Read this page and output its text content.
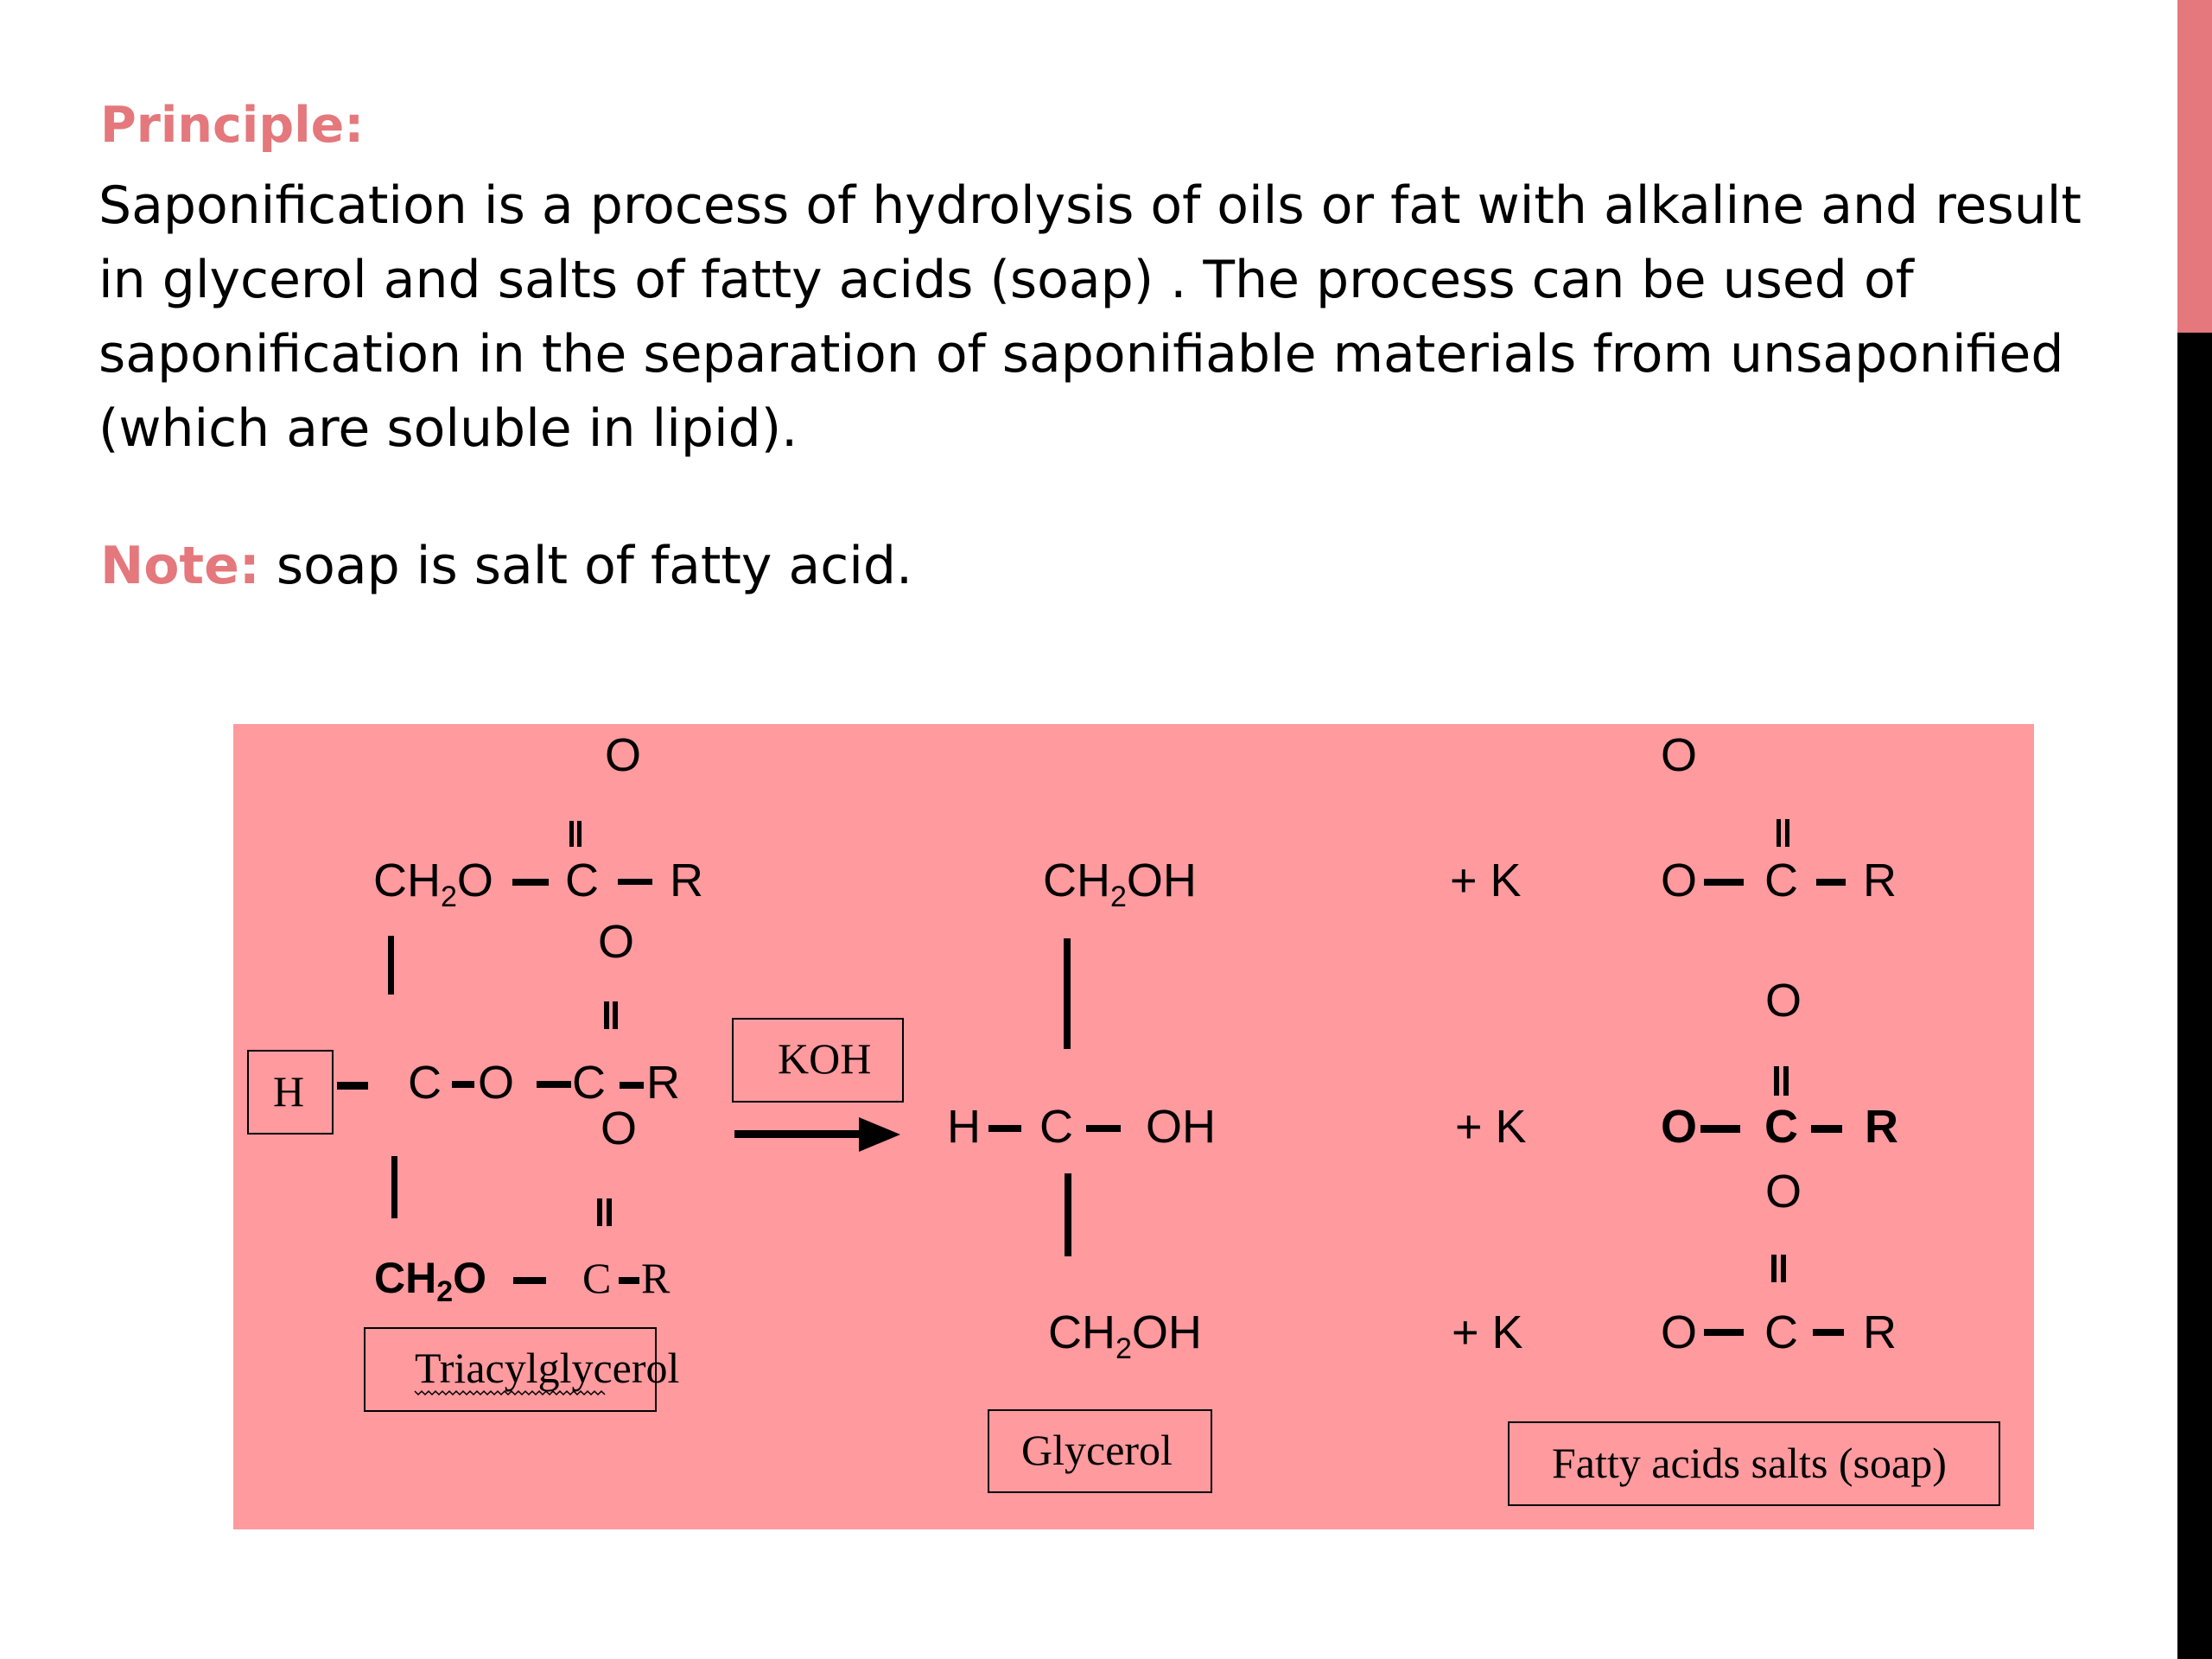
Principle:

Saponification is a process of hydrolysis of oils or fat with alkaline and result in glycerol and salts of fatty acids (soap) . The process can be used of saponification in the separation of saponifiable materials from unsaponified (which are soluble in lipid).

Note: soap is salt of fatty acid.

O
$CH_2O$ C R
O
H C O C R
O
$CH_2O$ C R
Triacylglycerol
KOH
$CH_2OH$
H C OH
$CH_2OH$
Glycerol
+ K
O
O C R
O
+ K	O C R
O
+ K	O C R
Fatty acids salts (soap)
